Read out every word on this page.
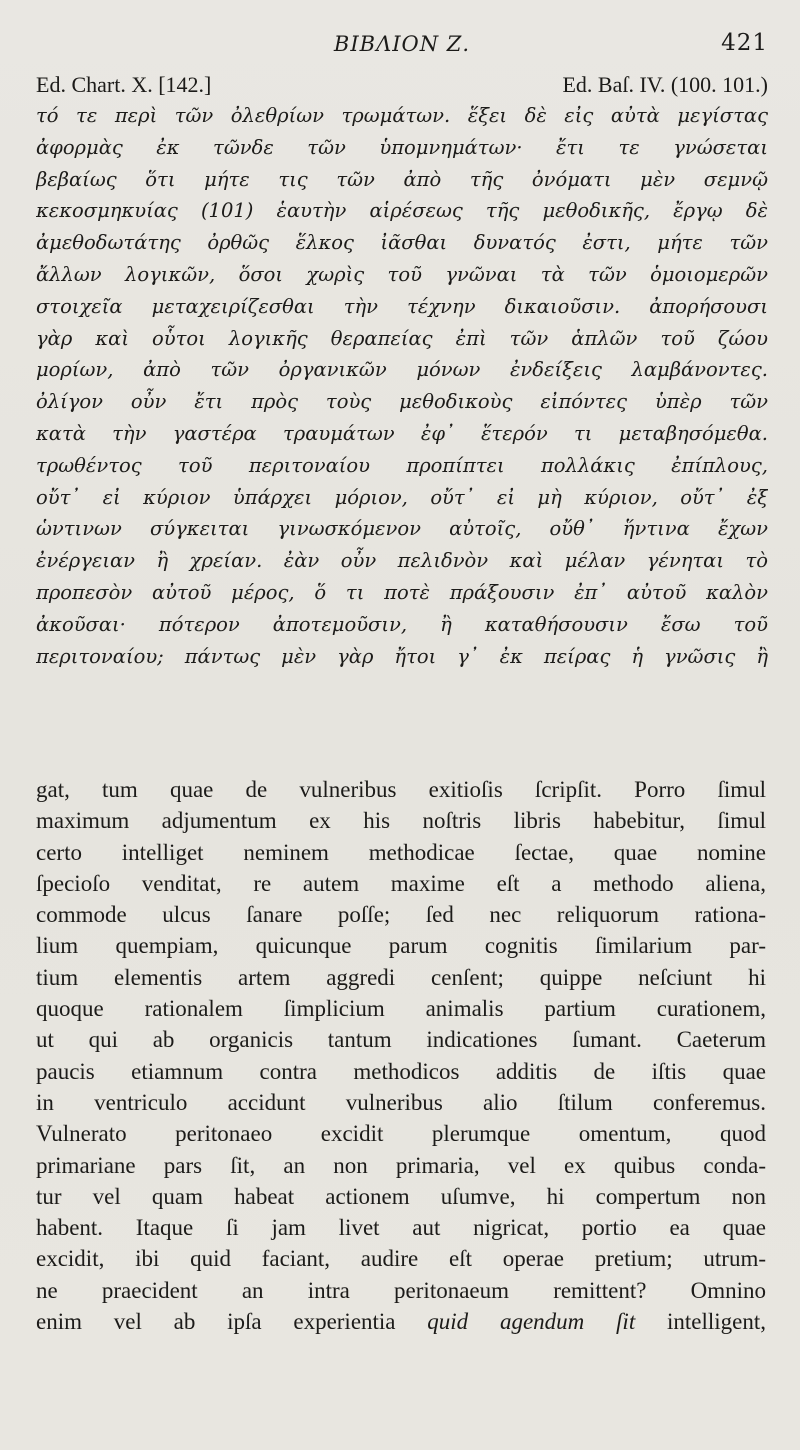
ΒΙΒΛΙΟΝ Ζ.	421
Ed. Chart. X. [142.]	Ed. Baſ. IV. (100. 101.)
τό τε περὶ τῶν ὀλεθρίων τρωμάτων. ἕξει δὲ εἰς αὐτὰ μεγίστας
ἀφορμὰς ἐκ τῶνδε τῶν ὑπομνημάτων· ἔτι τε γνώσεται
βεβαίως ὅτι μήτε τις τῶν ἀπὸ τῆς ὀνόματι μὲν σεμνῷ
κεκοσμηκυίας (101) ἑαυτὴν αἱρέσεως τῆς μεθοδικῆς, ἔργῳ δὲ
ἀμεθοδωτάτης ὀρθῶς ἕλκος ἰᾶσθαι δυνατός ἐστι, μήτε τῶν
ἄλλων λογικῶν, ὅσοι χωρὶς τοῦ γνῶναι τὰ τῶν ὁμοιομερῶν
στοιχεῖα μεταχειρίζεσθαι τὴν τέχνην δικαιοῦσιν. ἀπορήσουσι
γὰρ καὶ οὗτοι λογικῆς θεραπείας ἐπὶ τῶν ἁπλῶν τοῦ ζώου
μορίων, ἀπὸ τῶν ὀργανικῶν μόνων ἐνδείξεις λαμβάνοντες.
ὀλίγον οὖν ἔτι πρὸς τοὺς μεθοδικοὺς εἰπόντες ὑπὲρ τῶν
κατὰ τὴν γαστέρα τραυμάτων ἐφ᾽ ἕτερόν τι μεταβησόμεθα.
τρωθέντος τοῦ περιτοναίου προπίπτει πολλάκις ἐπίπλους,
οὔτ᾽ εἰ κύριον ὑπάρχει μόριον, οὔτ᾽ εἰ μὴ κύριον, οὔτ᾽ ἐξ
ὡντινων σύγκειται γινωσκόμενον αὐτοῖς, οὔθ᾽ ἥντινα ἔχων
ἐνέργειαν ἢ χρείαν. ἐὰν οὖν πελιδνὸν καὶ μέλαν γένηται τὸ
προπεσὸν αὐτοῦ μέρος, ὅ τι ποτὲ πράξουσιν ἐπ᾽ αὐτοῦ καλὸν
ἀκοῦσαι· πότερον ἀποτεμοῦσιν, ἢ καταθήσουσιν ἔσω τοῦ
περιτοναίου; πάντως μὲν γὰρ ἤτοι γ᾽ ἐκ πείρας ἡ γνῶσις ἢ
gat, tum quae de vulneribus exitioſis ſcripſit. Porro ſimul
maximum adjumentum ex his noſtris libris habebitur, ſimul
certo intelliget neminem methodicae ſectae, quae nomine
ſpecioſo venditat, re autem maxime eſt a methodo aliena,
commode ulcus ſanare poſſe; ſed nec reliquorum rationa-
lium quempiam, quicunque parum cognitis ſimilarium par-
tium elementis artem aggredi cenſent; quippe neſciunt hi
quoque rationalem ſimplicium animalis partium curationem,
ut qui ab organicis tantum indicationes ſumant. Caeterum
paucis etiamnum contra methodicos additis de iſtis quae
in ventriculo accidunt vulneribus alio ſtilum conferemus.
Vulnerato peritonaeo excidit plerumque omentum, quod
primariane pars ſit, an non primaria, vel ex quibus conda-
tur vel quam habeat actionem uſumve, hi compertum non
habent. Itaque ſi jam livet aut nigricat, portio ea quae
excidit, ibi quid faciant, audire eſt operae pretium; utrum-
ne praecident an intra peritonaeum remittent? Omnino
enim vel ab ipſa experientia quid agendum ſit intelligent,
